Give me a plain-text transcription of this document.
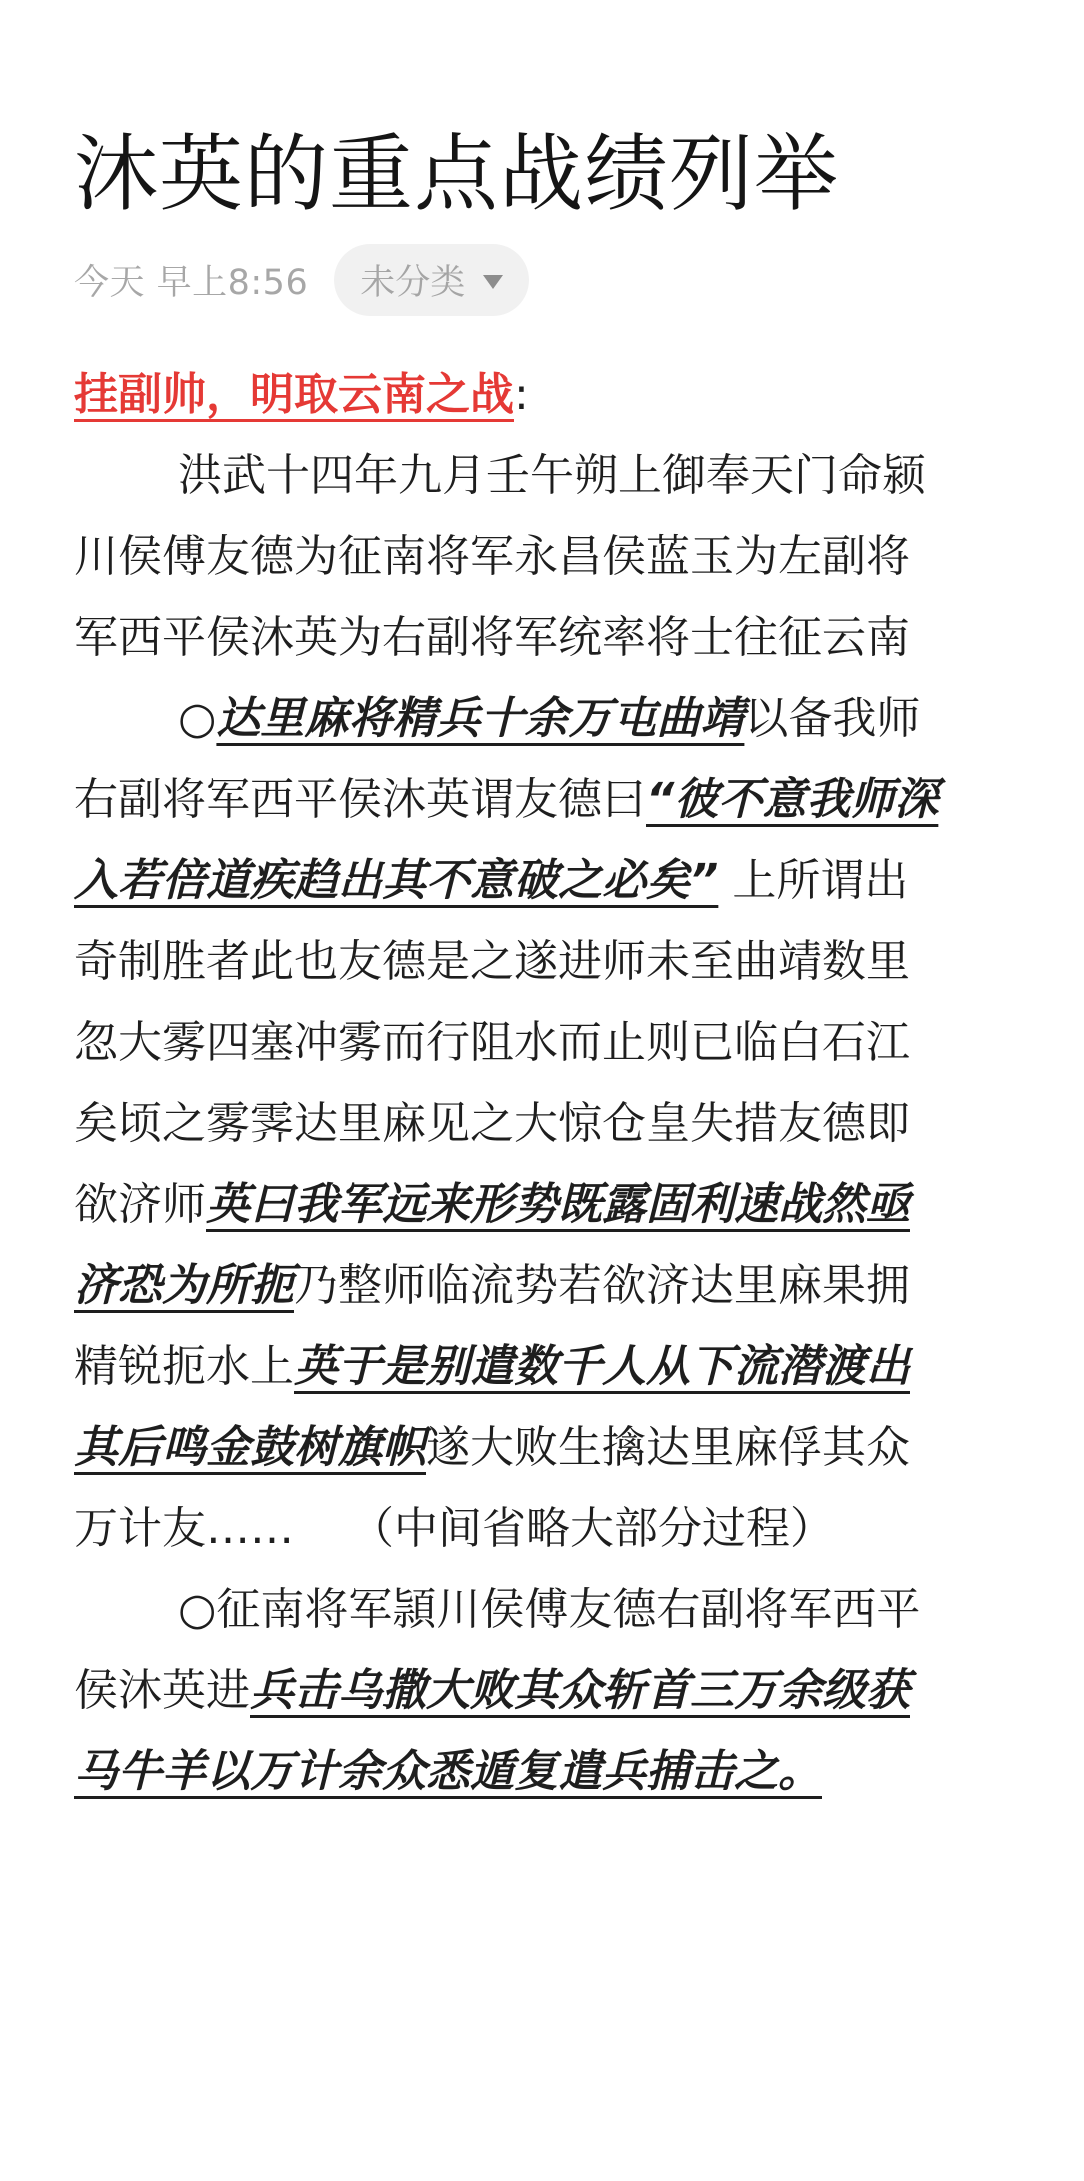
沐英的重点战绩列举
今天 早上8:56 未分类
挂副帅，明取云南之战:
洪武十四年九月壬午朔上御奉天门命颍
川侯傅友德为征南将军永昌侯蓝玉为左副将
军西平侯沐英为右副将军统率将士往征云南
○达里麻将精兵十余万屯曲靖以备我师
右副将军西平侯沐英谓友德曰“彼不意我师深
入若倍道疾趋出其不意破之必矣” 上所谓出
奇制胜者此也友德是之遂进师未至曲靖数里
忽大雾四塞冲雾而行阻水而止则已临白石江
矣顷之雾霁达里麻见之大惊仓皇失措友德即
欲济师英曰我军远来形势既露固利速战然亟
济恐为所扼乃整师临流势若欲济达里麻果拥
精锐扼水上英于是别遣数千人从下流潜渡出
其后鸣金鼓树旗帜遂大败生擒达里麻俘其众
万计友…… （中间省略大部分过程）
○征南将军頴川侯傅友德右副将军西平
侯沐英进兵击乌撒大败其众斩首三万余级获
马牛羊以万计余众悉遁复遣兵捕击之。
